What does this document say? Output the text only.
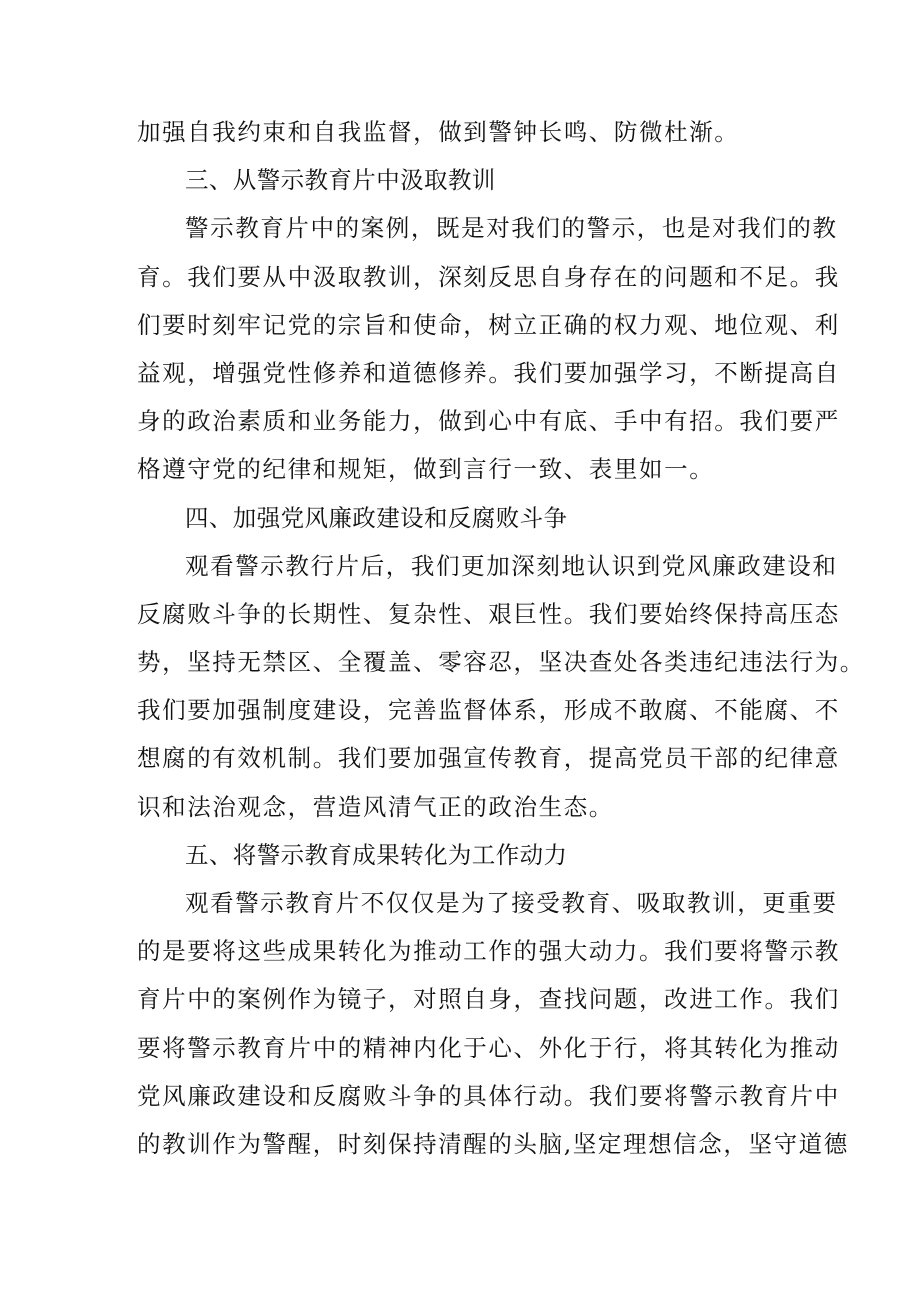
加强自我约束和自我监督，做到警钟长鸣、防微杜渐。
三、从警示教育片中汲取教训
警示教育片中的案例，既是对我们的警示，也是对我们的教
育。我们要从中汲取教训，深刻反思自身存在的问题和不足。我
们要时刻牢记党的宗旨和使命，树立正确的权力观、地位观、利
益观，增强党性修养和道德修养。我们要加强学习，不断提高自
身的政治素质和业务能力，做到心中有底、手中有招。我们要严
格遵守党的纪律和规矩，做到言行一致、表里如一。
四、加强党风廉政建设和反腐败斗争
观看警示教行片后，我们更加深刻地认识到党风廉政建设和
反腐败斗争的长期性、复杂性、艰巨性。我们要始终保持高压态
势，坚持无禁区、全覆盖、零容忍，坚决查处各类违纪违法行为。
我们要加强制度建设，完善监督体系，形成不敢腐、不能腐、不
想腐的有效机制。我们要加强宣传教育，提高党员干部的纪律意
识和法治观念，营造风清气正的政治生态。
五、将警示教育成果转化为工作动力
观看警示教育片不仅仅是为了接受教育、吸取教训，更重要
的是要将这些成果转化为推动工作的强大动力。我们要将警示教
育片中的案例作为镜子，对照自身，查找问题，改进工作。我们
要将警示教育片中的精神内化于心、外化于行，将其转化为推动
党风廉政建设和反腐败斗争的具体行动。我们要将警示教育片中
的教训作为警醒，时刻保持清醒的头脑,坚定理想信念，坚守道德
